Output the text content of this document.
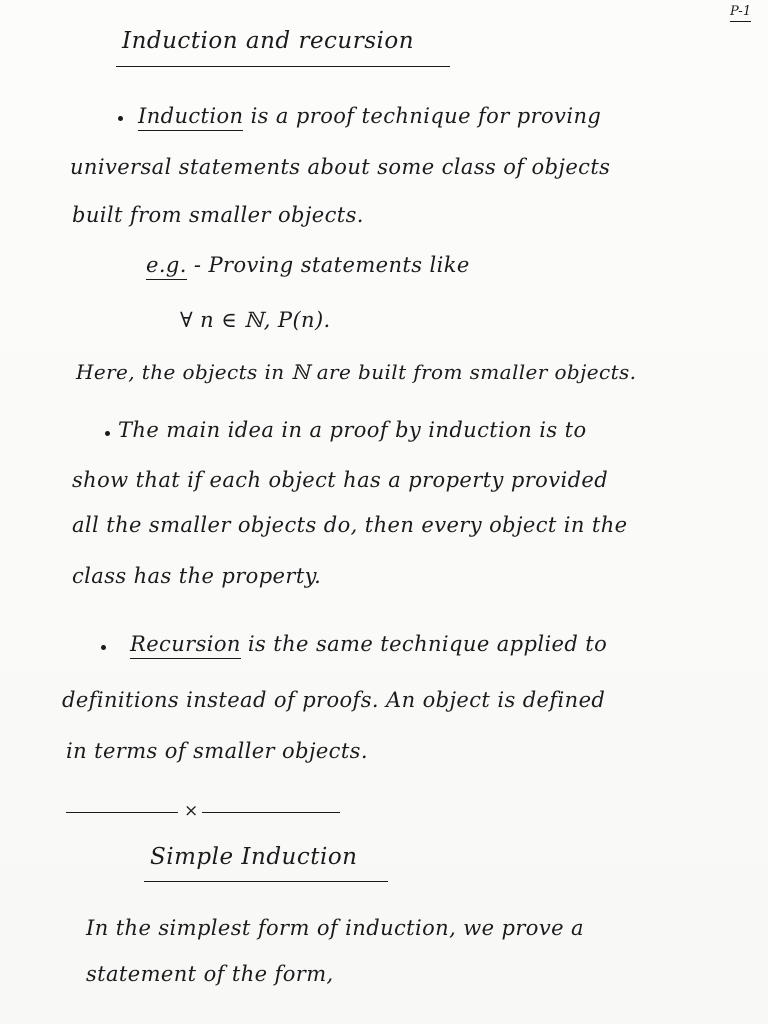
P-1
Induction and recursion
Induction is a proof technique for proving
universal statements about some class of objects
built from smaller objects.
e.g. - Proving statements like
∀ n ∈ ℕ, P(n).
Here, the objects in ℕ are built from smaller objects.
The main idea in a proof by induction is to
show that if each object has a property provided
all the smaller objects do, then every object in the
class has the property.
Recursion is the same technique applied to
definitions instead of proofs. An object is defined
in terms of smaller objects.
×
Simple Induction
In the simplest form of induction, we prove a
statement of the form,
